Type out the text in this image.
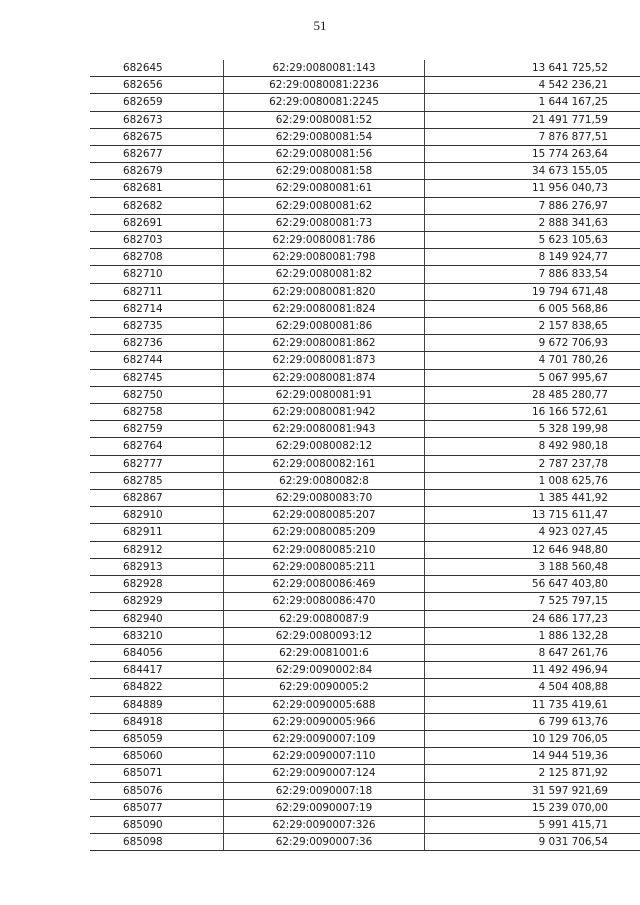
51
682645	62:29:0080081:143	13 641 725,52
682656	62:29:0080081:2236	4 542 236,21
682659	62:29:0080081:2245	1 644 167,25
682673	62:29:0080081:52	21 491 771,59
682675	62:29:0080081:54	7 876 877,51
682677	62:29:0080081:56	15 774 263,64
682679	62:29:0080081:58	34 673 155,05
682681	62:29:0080081:61	11 956 040,73
682682	62:29:0080081:62	7 886 276,97
682691	62:29:0080081:73	2 888 341,63
682703	62:29:0080081:786	5 623 105,63
682708	62:29:0080081:798	8 149 924,77
682710	62:29:0080081:82	7 886 833,54
682711	62:29:0080081:820	19 794 671,48
682714	62:29:0080081:824	6 005 568,86
682735	62:29:0080081:86	2 157 838,65
682736	62:29:0080081:862	9 672 706,93
682744	62:29:0080081:873	4 701 780,26
682745	62:29:0080081:874	5 067 995,67
682750	62:29:0080081:91	28 485 280,77
682758	62:29:0080081:942	16 166 572,61
682759	62:29:0080081:943	5 328 199,98
682764	62:29:0080082:12	8 492 980,18
682777	62:29:0080082:161	2 787 237,78
682785	62:29:0080082:8	1 008 625,76
682867	62:29:0080083:70	1 385 441,92
682910	62:29:0080085:207	13 715 611,47
682911	62:29:0080085:209	4 923 027,45
682912	62:29:0080085:210	12 646 948,80
682913	62:29:0080085:211	3 188 560,48
682928	62:29:0080086:469	56 647 403,80
682929	62:29:0080086:470	7 525 797,15
682940	62:29:0080087:9	24 686 177,23
683210	62:29:0080093:12	1 886 132,28
684056	62:29:0081001:6	8 647 261,76
684417	62:29:0090002:84	11 492 496,94
684822	62:29:0090005:2	4 504 408,88
684889	62:29:0090005:688	11 735 419,61
684918	62:29:0090005:966	6 799 613,76
685059	62:29:0090007:109	10 129 706,05
685060	62:29:0090007:110	14 944 519,36
685071	62:29:0090007:124	2 125 871,92
685076	62:29:0090007:18	31 597 921,69
685077	62:29:0090007:19	15 239 070,00
685090	62:29:0090007:326	5 991 415,71
685098	62:29:0090007:36	9 031 706,54
